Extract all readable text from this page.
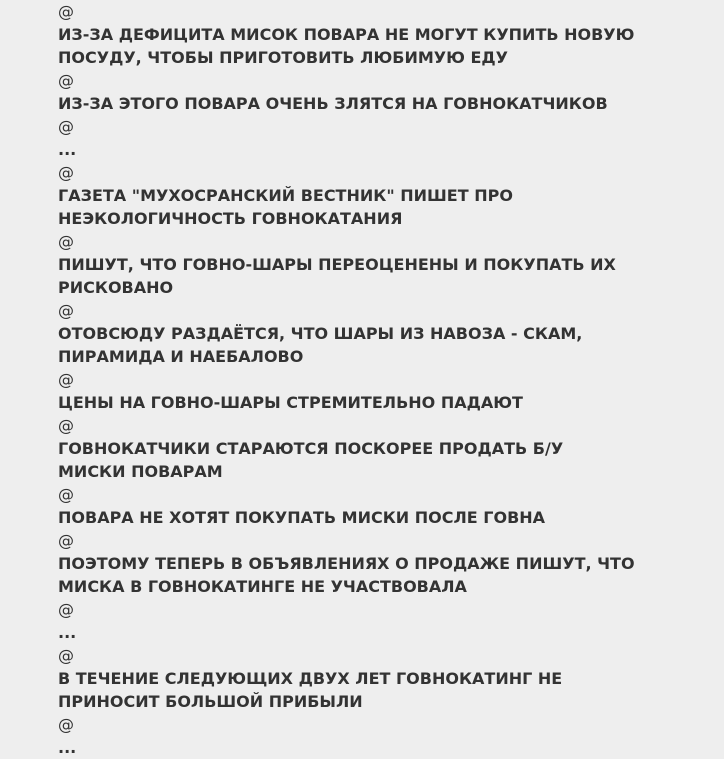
@
ИЗ-ЗА ДЕФИЦИТА МИСОК ПОВАРА НЕ МОГУТ КУПИТЬ НОВУЮ
ПОСУДУ, ЧТОБЫ ПРИГОТОВИТЬ ЛЮБИМУЮ ЕДУ
@
ИЗ-ЗА ЭТОГО ПОВАРА ОЧЕНЬ ЗЛЯТСЯ НА ГОВНОКАТЧИКОВ
@
...
@
ГАЗЕТА "МУХОСРАНСКИЙ ВЕСТНИК" ПИШЕТ ПРО
НЕЭКОЛОГИЧНОСТЬ ГОВНОКАТАНИЯ
@
ПИШУТ, ЧТО ГОВНО-ШАРЫ ПЕРЕОЦЕНЕНЫ И ПОКУПАТЬ ИХ
РИСКОВАНО
@
ОТОВСЮДУ РАЗДАЁТСЯ, ЧТО ШАРЫ ИЗ НАВОЗА - СКАМ,
ПИРАМИДА И НАЕБАЛОВО
@
ЦЕНЫ НА ГОВНО-ШАРЫ СТРЕМИТЕЛЬНО ПАДАЮТ
@
ГОВНОКАТЧИКИ СТАРАЮТСЯ ПОСКОРЕЕ ПРОДАТЬ Б/У
МИСКИ ПОВАРАМ
@
ПОВАРА НЕ ХОТЯТ ПОКУПАТЬ МИСКИ ПОСЛЕ ГОВНА
@
ПОЭТОМУ ТЕПЕРЬ В ОБЪЯВЛЕНИЯХ О ПРОДАЖЕ ПИШУТ, ЧТО
МИСКА В ГОВНОКАТИНГЕ НЕ УЧАСТВОВАЛА
@
...
@
В ТЕЧЕНИЕ СЛЕДУЮЩИХ ДВУХ ЛЕТ ГОВНОКАТИНГ НЕ
ПРИНОСИТ БОЛЬШОЙ ПРИБЫЛИ
@
...
